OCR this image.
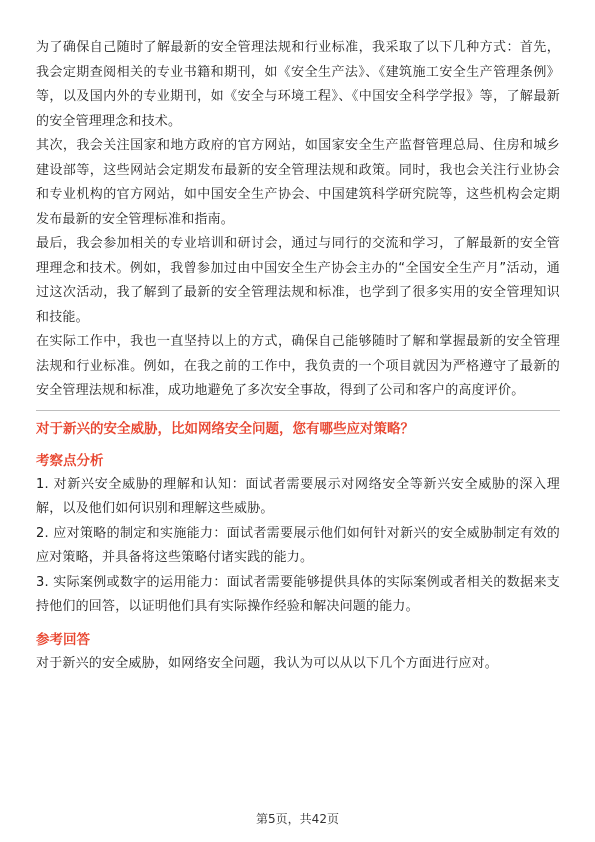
为了确保自己随时了解最新的安全管理法规和行业标准，我采取了以下几种方式：首先，我会定期查阅相关的专业书籍和期刊，如《安全生产法》、《建筑施工安全生产管理条例》等，以及国内外的专业期刊，如《安全与环境工程》、《中国安全科学学报》等，了解最新的安全管理理念和技术。

其次，我会关注国家和地方政府的官方网站，如国家安全生产监督管理总局、住房和城乡建设部等，这些网站会定期发布最新的安全管理法规和政策。同时，我也会关注行业协会和专业机构的官方网站，如中国安全生产协会、中国建筑科学研究院等，这些机构会定期发布最新的安全管理标准和指南。

最后，我会参加相关的专业培训和研讨会，通过与同行的交流和学习，了解最新的安全管理理念和技术。例如，我曾参加过由中国安全生产协会主办的“全国安全生产月”活动，通过这次活动，我了解到了最新的安全管理法规和标准，也学到了很多实用的安全管理知识和技能。

在实际工作中，我也一直坚持以上的方式，确保自己能够随时了解和掌握最新的安全管理法规和行业标准。例如，在我之前的工作中，我负责的一个项目就因为严格遵守了最新的安全管理法规和标准，成功地避免了多次安全事故，得到了公司和客户的高度评价。

对于新兴的安全威胁，比如网络安全问题，您有哪些应对策略？

考察点分析

1. 对新兴安全威胁的理解和认知：面试者需要展示对网络安全等新兴安全威胁的深入理解，以及他们如何识别和理解这些威胁。

2. 应对策略的制定和实施能力：面试者需要展示他们如何针对新兴的安全威胁制定有效的应对策略，并具备将这些策略付诸实践的能力。

3. 实际案例或数字的运用能力：面试者需要能够提供具体的实际案例或者相关的数据来支持他们的回答，以证明他们具有实际操作经验和解决问题的能力。

参考回答

对于新兴的安全威胁，如网络安全问题，我认为可以从以下几个方面进行应对。

第5页，共42页
